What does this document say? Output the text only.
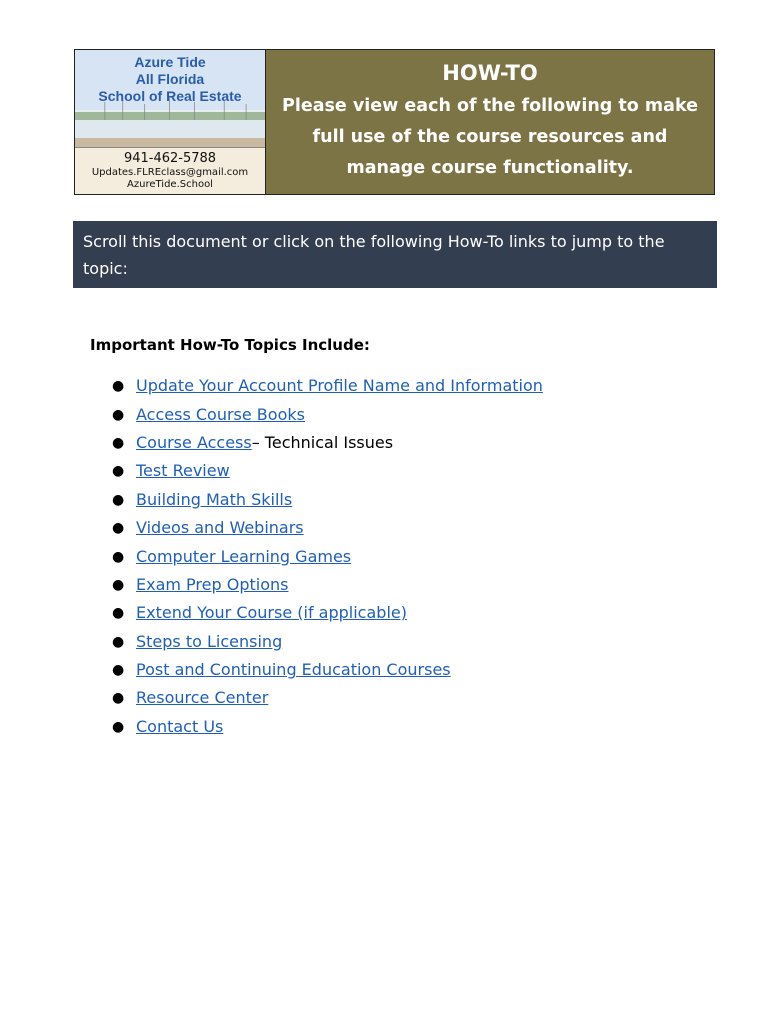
Azure Tide
All Florida
School of Real Estate
941-462-5788
Updates.FLREclass@gmail.com
AzureTide.School
HOW-TO
Please view each of the following to make full use of the course resources and manage course functionality.
Scroll this document or click on the following How-To links to jump to the topic:
Important How-To Topics Include:
● Update Your Account Profile Name and Information
● Access Course Books
● Course Access – Technical Issues
● Test Review
● Building Math Skills
● Videos and Webinars
● Computer Learning Games
● Exam Prep Options
● Extend Your Course (if applicable)
● Steps to Licensing
● Post and Continuing Education Courses
● Resource Center
● Contact Us
